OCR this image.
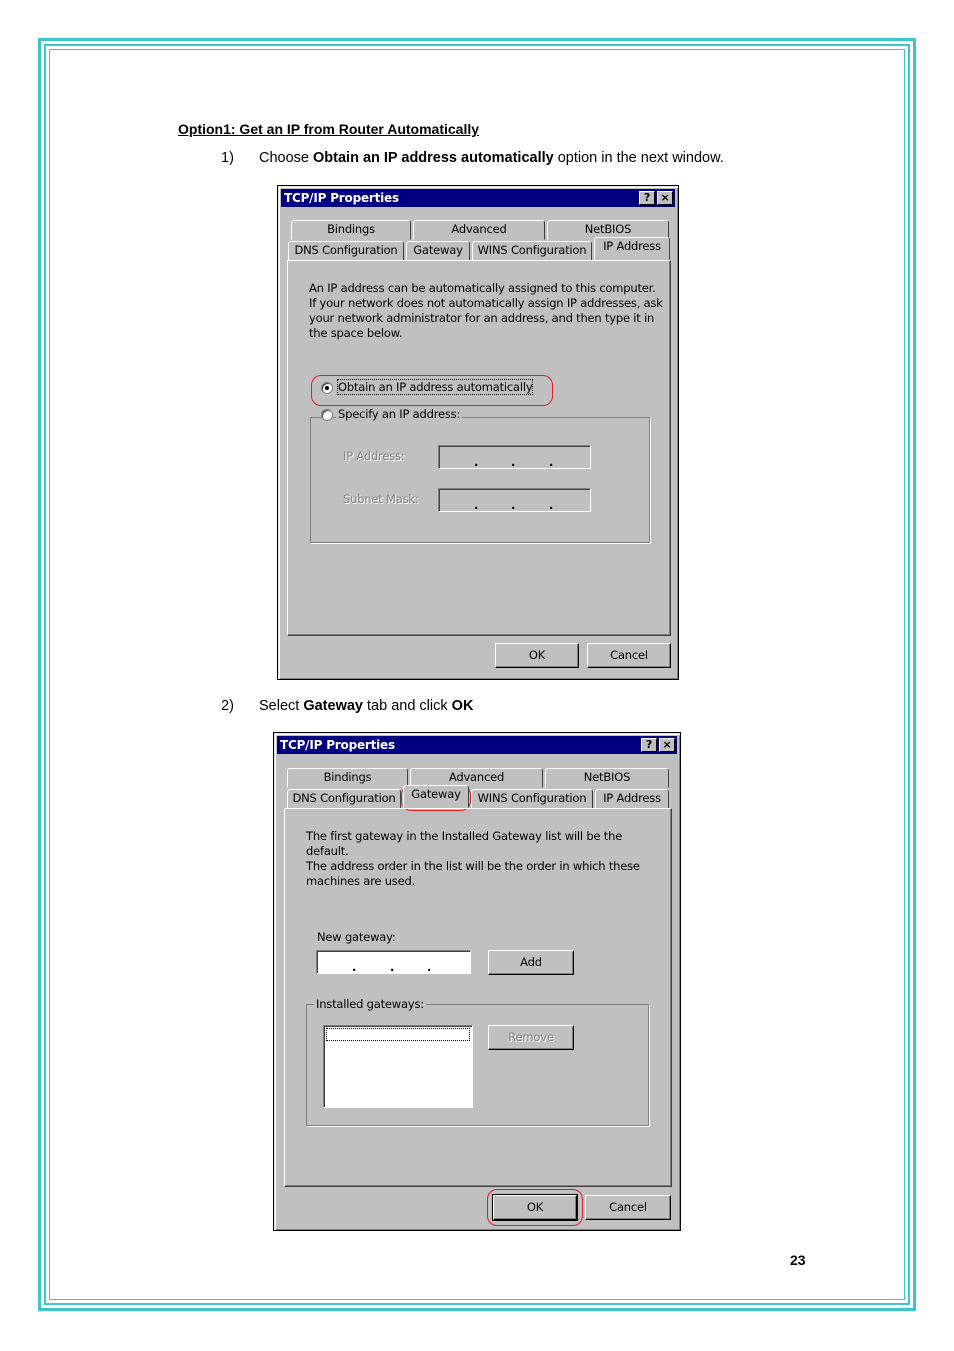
Option1: Get an IP from Router Automatically
1) Choose Obtain an IP address automatically option in the next window.
TCP/IP Properties	? ×
Bindings	Advanced	NetBIOS
DNS Configuration	Gateway	WINS Configuration	IP Address
An IP address can be automatically assigned to this computer.
If your network does not automatically assign IP addresses, ask
your network administrator for an address, and then type it in
the space below.
Obtain an IP address automatically
Specify an IP address:
IP Address:	.	.	.
Subnet Mask:	.	.	.
OK	Cancel
2) Select Gateway tab and click OK
TCP/IP Properties	? ×
Bindings	Advanced	NetBIOS
DNS Configuration	Gateway	WINS Configuration	IP Address
The first gateway in the Installed Gateway list will be the default.
The address order in the list will be the order in which these
machines are used.
New gateway:
.	.	.	Add
Installed gateways:
Remove
OK	Cancel
23
